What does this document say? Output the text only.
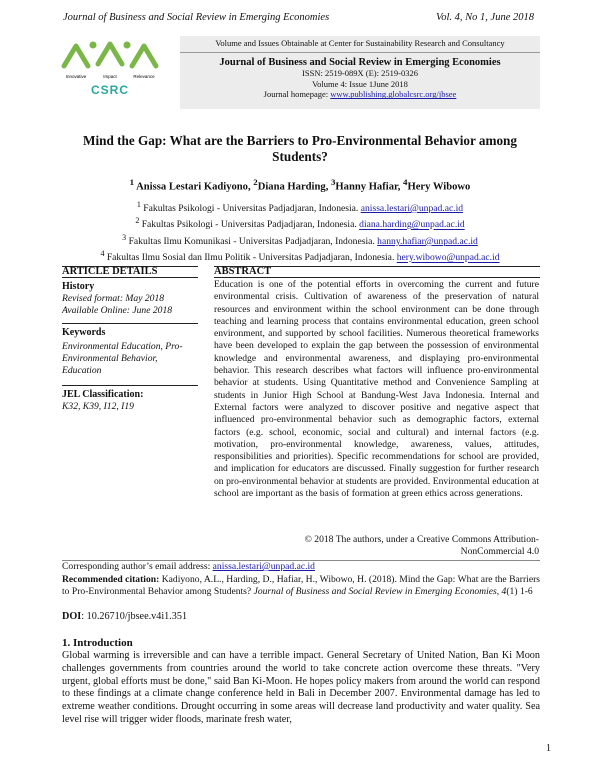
Journal of Business and Social Review in Emerging Economies	Vol. 4, No 1, June 2018
Innovative	Impact	Relevance
CSRC
Volume and Issues Obtainable at Center for Sustainability Research and Consultancy
Journal of Business and Social Review in Emerging Economies
ISSN: 2519-089X (E): 2519-0326
Volume 4: Issue 1June 2018
Journal homepage: www.publishing.globalcsrc.org/jbsee
Mind the Gap: What are the Barriers to Pro-Environmental Behavior among Students?
$^1$ Anissa Lestari Kadiyono, $^2$Diana Harding, $^3$Hanny Hafiar, $^4$Hery Wibowo
$^1$ Fakultas Psikologi - Universitas Padjadjaran, Indonesia. anissa.lestari@unpad.ac.id
$^2$ Fakultas Psikologi - Universitas Padjadjaran, Indonesia. diana.harding@unpad.ac.id
$^3$ Fakultas Ilmu Komunikasi - Universitas Padjadjaran, Indonesia. hanny.hafiar@unpad.ac.id
$^4$ Fakultas Ilmu Sosial dan Ilmu Politik - Universitas Padjadjaran, Indonesia. hery.wibowo@unpad.ac.id
ARTICLE DETAILS
History
Revised format: May 2018
Available Online: June 2018
Keywords
Environmental Education, Pro-Environmental Behavior, Education
JEL Classification:
K32, K39, I12, I19
ABSTRACT
Education is one of the potential efforts in overcoming the current and future environmental crisis. Cultivation of awareness of the preservation of natural resources and environment within the school environment can be done through teaching and learning process that contains environmental education, green school environment, and supported by school facilities. Numerous theoretical frameworks have been developed to explain the gap between the possession of environmental knowledge and environmental awareness, and displaying pro-environmental behavior. This research describes what factors will influence pro-environmental behavior at students. Using Quantitative method and Convenience Sampling at students in Junior High School at Bandung-West Java Indonesia. Internal and External factors were analyzed to discover positive and negative aspect that influenced pro-environmental behavior such as demographic factors, external factors (e.g. school, economic, social and cultural) and internal factors (e.g. motivation, pro-environmental knowledge, awareness, values, attitudes, responsibilities and priorities). Specific recommendations for school are provided, and implication for educators are discussed. Finally suggestion for further research on pro-environmental behavior at students are provided. Environmental education at school are important as the basis of formation at green ethics across generations.
© 2018 The authors, under a Creative Commons Attribution-
NonCommercial 4.0
Corresponding author’s email address: anissa.lestari@unpad.ac.id
Recommended citation: Kadiyono, A.L., Harding, D., Hafiar, H., Wibowo, H. (2018). Mind the Gap: What are the Barriers to Pro-Environmental Behavior among Students? Journal of Business and Social Review in Emerging Economies, 4(1) 1-6
DOI: 10.26710/jbsee.v4i1.351
1. Introduction
Global warming is irreversible and can have a terrible impact. General Secretary of United Nation, Ban Ki Moon challenges governments from countries around the world to take concrete action overcome these threats. "Very urgent, global efforts must be done," said Ban Ki-Moon. He hopes policy makers from around the world can respond to these findings at a climate change conference held in Bali in December 2007. Environmental damage has led to extreme weather conditions. Drought occurring in some areas will decrease land productivity and water quality. Sea level rise will trigger wider floods, marinate fresh water,
1
